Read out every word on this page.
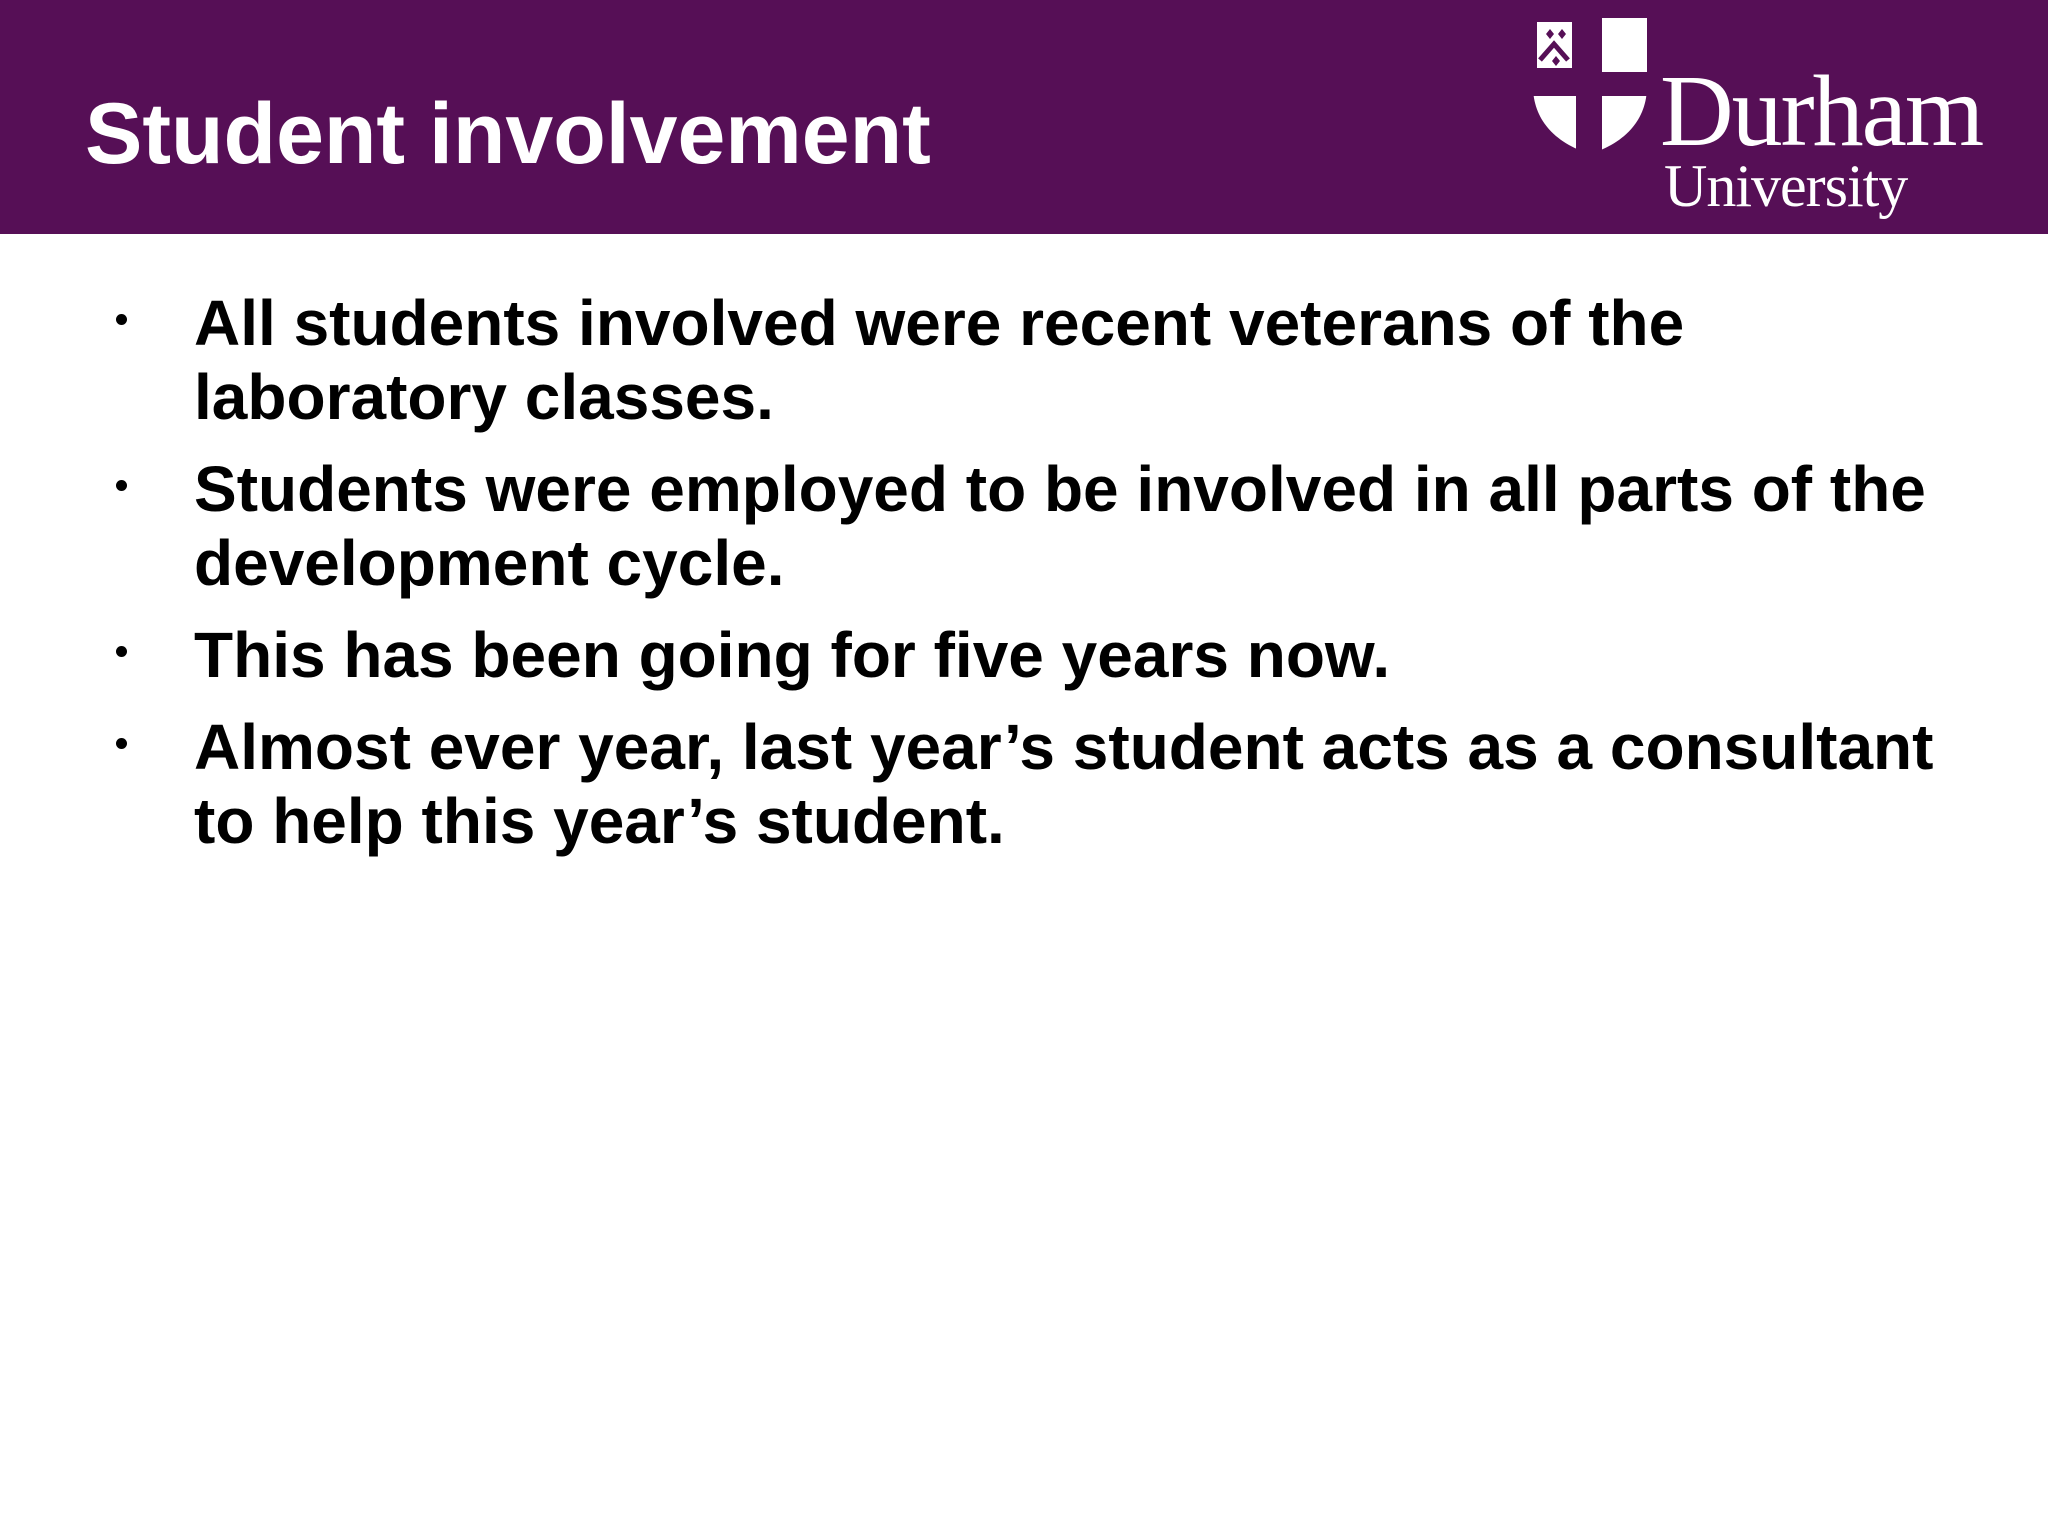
Student involvement	Durham
University
All students involved were recent veterans of the laboratory classes.
Students were employed to be involved in all parts of the development cycle.
This has been going for five years now.
Almost ever year, last year’s student acts as a consultant to help this year’s student.
